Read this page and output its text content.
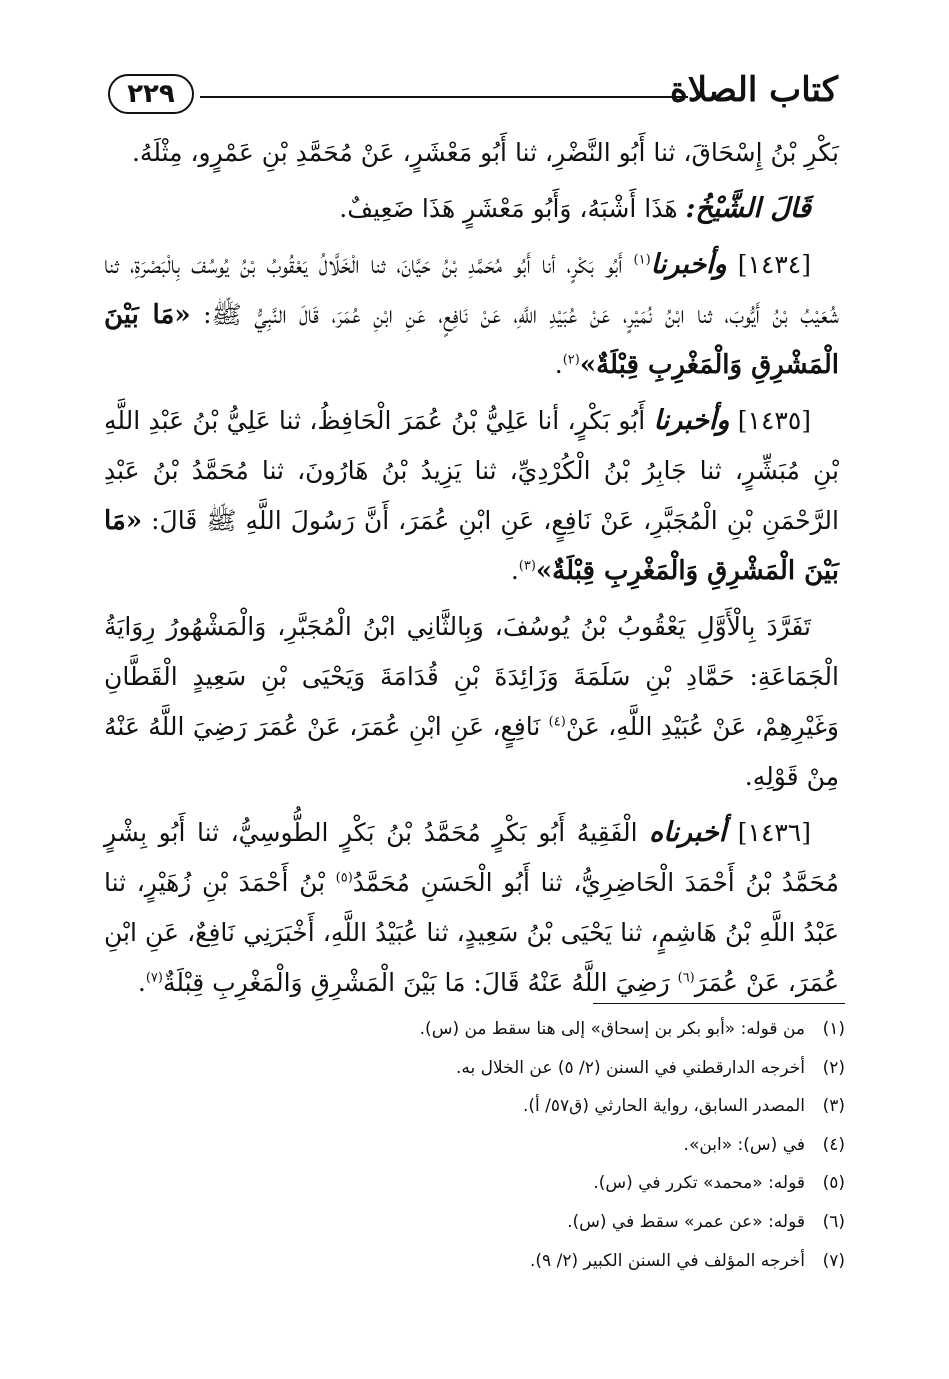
كتاب الصلاة
٢٢٩

بَكْرِ بْنُ إِسْحَاقَ، ثنا أَبُو النَّضْرِ، ثنا أَبُو مَعْشَرٍ، عَنْ مُحَمَّدِ بْنِ عَمْرٍو، مِثْلَهُ.

قَالَ الشَّيْخُ: هَذَا أَشْبَهُ، وَأَبُو مَعْشَرٍ هَذَا ضَعِيفٌ.

[١٤٣٤] وأخبرنا$^{(١)}$ أَبُو بَكْرٍ، أنا أَبُو مُحَمَّدِ بْنُ حَيَّانَ، ثنا الْخَلَّالُ يَعْقُوبُ بْنُ يُوسُفَ بِالْبَصْرَةِ، ثنا شُعَيْبُ بْنُ أَيُّوبَ، ثنا ابْنُ نُمَيْرٍ، عَنْ عُبَيْدِ اللَّهِ، عَنْ نَافِعٍ، عَنِ ابْنِ عُمَرَ، قَالَ النَّبِيُّ ﷺ: «مَا بَيْنَ الْمَشْرِقِ وَالْمَغْرِبِ قِبْلَةٌ»$^{(٢)}$.

[١٤٣٥] وأخبرنا أَبُو بَكْرٍ، أنا عَلِيُّ بْنُ عُمَرَ الْحَافِظُ، ثنا عَلِيُّ بْنُ عَبْدِ اللَّهِ بْنِ مُبَشِّرٍ، ثنا جَابِرُ بْنُ الْكُرْدِيِّ، ثنا يَزِيدُ بْنُ هَارُونَ، ثنا مُحَمَّدُ بْنُ عَبْدِ الرَّحْمَنِ بْنِ الْمُجَبَّرِ، عَنْ نَافِعٍ، عَنِ ابْنِ عُمَرَ، أَنَّ رَسُولَ اللَّهِ ﷺ قَالَ: «مَا بَيْنَ الْمَشْرِقِ وَالْمَغْرِبِ قِبْلَةٌ»$^{(٣)}$.

تَفَرَّدَ بِالْأَوَّلِ يَعْقُوبُ بْنُ يُوسُفَ، وَبِالثَّانِي ابْنُ الْمُجَبَّرِ، وَالْمَشْهُورُ رِوَايَةُ الْجَمَاعَةِ: حَمَّادِ بْنِ سَلَمَةَ وَزَائِدَةَ بْنِ قُدَامَةَ وَيَحْيَى بْنِ سَعِيدٍ الْقَطَّانِ وَغَيْرِهِمْ، عَنْ عُبَيْدِ اللَّهِ، عَنْ$^{(٤)}$ نَافِعٍ، عَنِ ابْنِ عُمَرَ، عَنْ عُمَرَ رَضِيَ اللَّهُ عَنْهُ مِنْ قَوْلِهِ.

[١٤٣٦] أخبرناه الْفَقِيهُ أَبُو بَكْرٍ مُحَمَّدُ بْنُ بَكْرٍ الطُّوسِيُّ، ثنا أَبُو بِشْرٍ مُحَمَّدُ بْنُ أَحْمَدَ الْحَاضِرِيُّ، ثنا أَبُو الْحَسَنِ مُحَمَّدُ$^{(٥)}$ بْنُ أَحْمَدَ بْنِ زُهَيْرٍ، ثنا عَبْدُ اللَّهِ بْنُ هَاشِمٍ، ثنا يَحْيَى بْنُ سَعِيدٍ، ثنا عُبَيْدُ اللَّهِ، أَخْبَرَنِي نَافِعٌ، عَنِ ابْنِ عُمَرَ، عَنْ عُمَرَ$^{(٦)}$ رَضِيَ اللَّهُ عَنْهُ قَالَ: مَا بَيْنَ الْمَشْرِقِ وَالْمَغْرِبِ قِبْلَةٌ$^{(٧)}$.

(١)
من قوله: «أبو بكر بن إسحاق» إلى هنا سقط من (س).
(٢)
أخرجه الدارقطني في السنن (٢/ ٥) عن الخلال به.
(٣)
المصدر السابق، رواية الحارثي (ق٥٧/ أ).
(٤)
في (س): «ابن».
(٥)
قوله: «محمد» تكرر في (س).
(٦)
قوله: «عن عمر» سقط في (س).
(٧)
أخرجه المؤلف في السنن الكبير (٢/ ٩).
